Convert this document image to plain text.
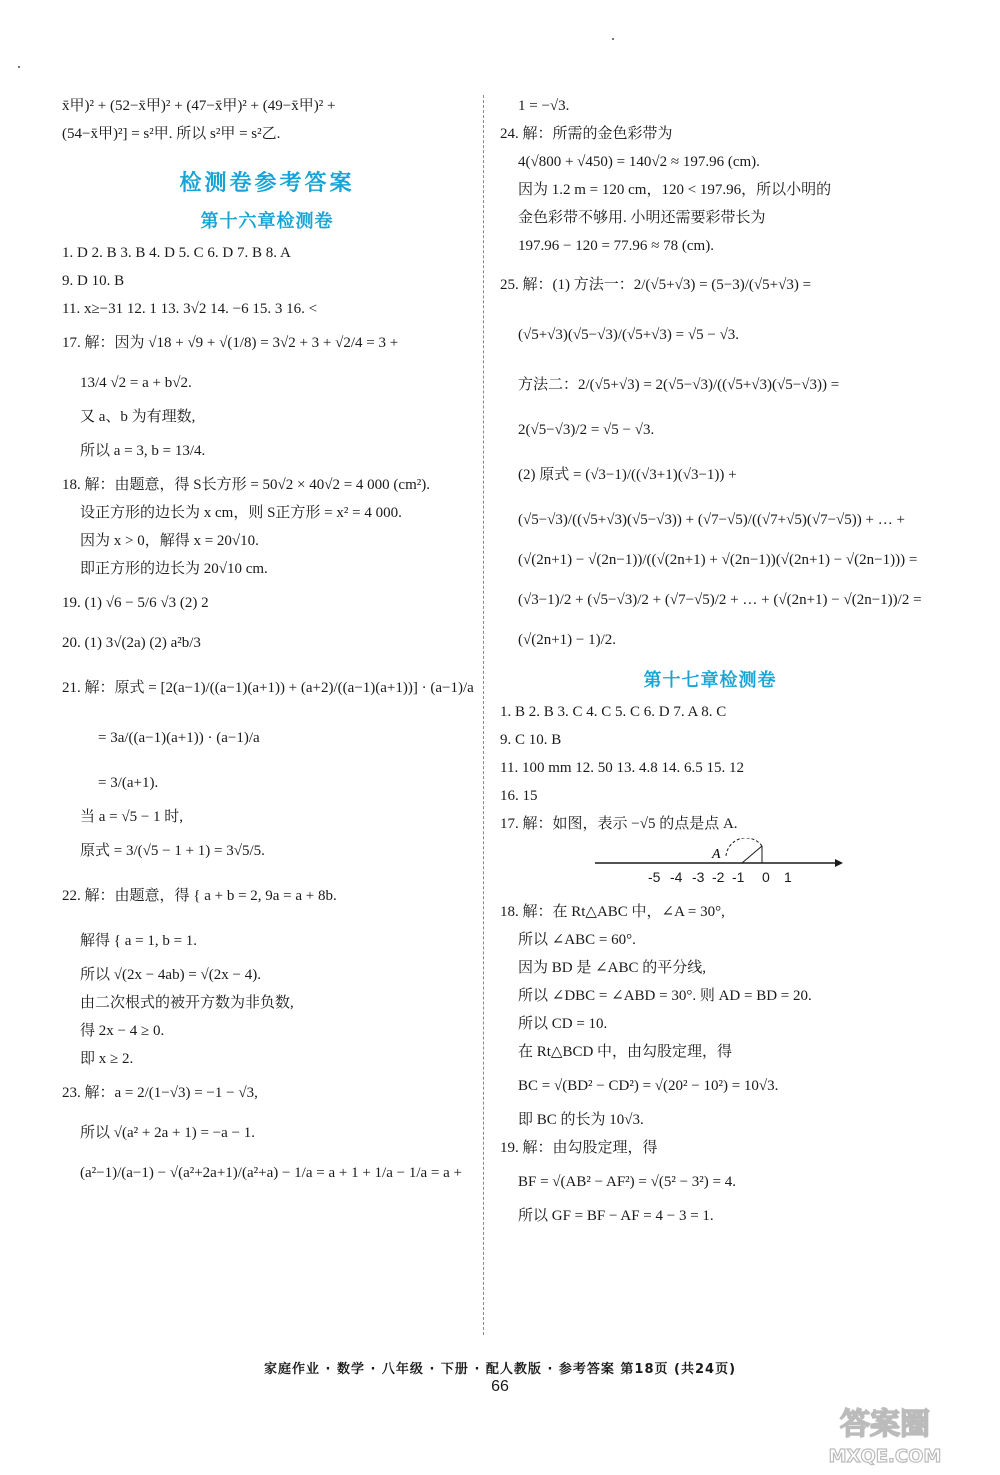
x̄甲)² + (52−x̄甲)² + (47−x̄甲)² + (49−x̄甲)² +
(54−x̄甲)²] = s²甲. 所以 s²甲 = s²乙.
检测卷参考答案
第十六章检测卷
1. D 2. B 3. B 4. D 5. C 6. D 7. B 8. A
9. D 10. B
11. x≥−31 12. 1 13. 3√2 14. −6 15. 3 16. <
17. 解：因为 √18 + √9 + √(1/8) = 3√2 + 3 + √2/4 = 3 +
13/4 √2 = a + b√2.
又 a、b 为有理数,
所以 a = 3, b = 13/4.
18. 解：由题意，得 S长方形 = 50√2 × 40√2 = 4 000 (cm²).
设正方形的边长为 x cm，则 S正方形 = x² = 4 000.
因为 x > 0，解得 x = 20√10.
即正方形的边长为 20√10 cm.
19. (1) √6 − 5/6 √3 (2) 2
20. (1) 3√(2a) (2) a²b/3
21. 解：原式 = [2(a−1)/((a−1)(a+1)) + (a+2)/((a−1)(a+1))] · (a−1)/a
= 3a/((a−1)(a+1)) · (a−1)/a
= 3/(a+1).
当 a = √5 − 1 时,
原式 = 3/(√5 − 1 + 1) = 3√5/5.
22. 解：由题意，得 { a + b = 2, 9a = a + 8b.
解得 { a = 1, b = 1.
所以 √(2x − 4ab) = √(2x − 4).
由二次根式的被开方数为非负数,
得 2x − 4 ≥ 0.
即 x ≥ 2.
23. 解：a = 2/(1−√3) = −1 − √3,
所以 √(a² + 2a + 1) = −a − 1.
(a²−1)/(a−1) − √(a²+2a+1)/(a²+a) − 1/a = a + 1 + 1/a − 1/a = a +
1 = −√3.
24. 解：所需的金色彩带为
4(√800 + √450) = 140√2 ≈ 197.96 (cm).
因为 1.2 m = 120 cm，120 < 197.96，所以小明的
金色彩带不够用. 小明还需要彩带长为
197.96 − 120 = 77.96 ≈ 78 (cm).
25. 解：(1) 方法一：2/(√5+√3) = (5−3)/(√5+√3) =
(√5+√3)(√5−√3)/(√5+√3) = √5 − √3.
方法二：2/(√5+√3) = 2(√5−√3)/((√5+√3)(√5−√3)) =
2(√5−√3)/2 = √5 − √3.
(2) 原式 = (√3−1)/((√3+1)(√3−1)) +
(√5−√3)/((√5+√3)(√5−√3)) + (√7−√5)/((√7+√5)(√7−√5)) + … +
(√(2n+1) − √(2n−1))/((√(2n+1) + √(2n−1))(√(2n+1) − √(2n−1))) =
(√3−1)/2 + (√5−√3)/2 + (√7−√5)/2 + … + (√(2n+1) − √(2n−1))/2 =
(√(2n+1) − 1)/2.
第十七章检测卷
1. B 2. B 3. C 4. C 5. C 6. D 7. A 8. C
9. C 10. B
11. 100 mm 12. 50 13. 4.8 14. 6.5 15. 12
16. 15
17. 解：如图，表示 −√5 的点是点 A.
A
-5 -4 -3 -2 -1 0 1
18. 解：在 Rt△ABC 中，∠A = 30°,
所以 ∠ABC = 60°.
因为 BD 是 ∠ABC 的平分线,
所以 ∠DBC = ∠ABD = 30°. 则 AD = BD = 20.
所以 CD = 10.
在 Rt△BCD 中，由勾股定理，得
BC = √(BD² − CD²) = √(20² − 10²) = 10√3.
即 BC 的长为 10√3.
19. 解：由勾股定理，得
BF = √(AB² − AF²) = √(5² − 3²) = 4.
所以 GF = BF − AF = 4 − 3 = 1.
家庭作业 · 数学 · 八年级 · 下册 · 配人教版 · 参考答案 第18页 (共24页)
66
答案圈
MXQE.COM
